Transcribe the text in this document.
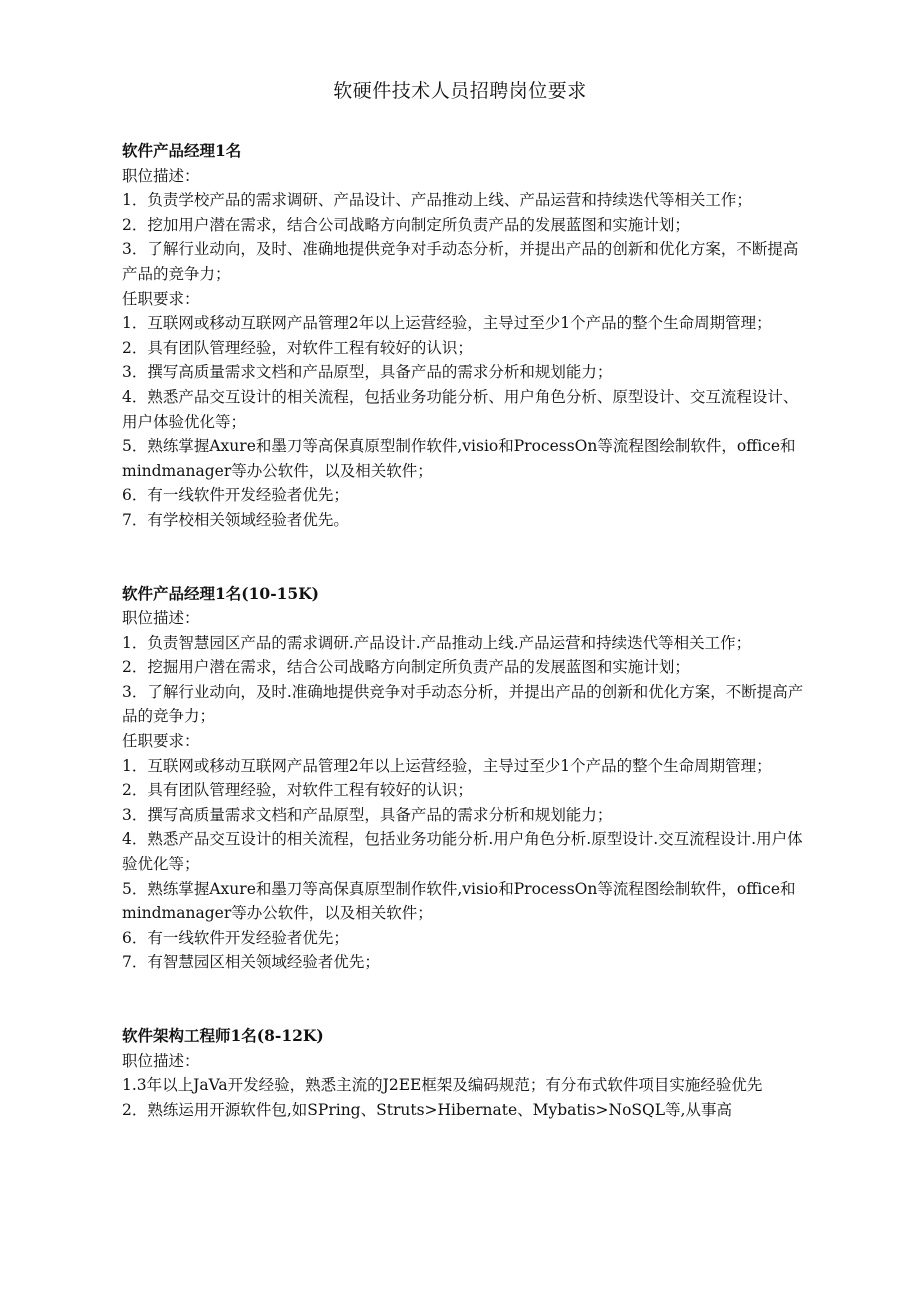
软硬件技术人员招聘岗位要求

软件产品经理1名

职位描述：

1．负责学校产品的需求调研、产品设计、产品推动上线、产品运营和持续迭代等相关工作；
2．挖加用户潜在需求，结合公司战略方向制定所负责产品的发展蓝图和实施计划；
3．了解行业动向，及时、准确地提供竞争对手动态分析，并提出产品的创新和优化方案，不断提高产品的竞争力；

任职要求：

1．互联网或移动互联网产品管理2年以上运营经验，主导过至少1个产品的整个生命周期管理；
2．具有团队管理经验，对软件工程有较好的认识；
3．撰写高质量需求文档和产品原型，具备产品的需求分析和规划能力；
4．熟悉产品交互设计的相关流程，包括业务功能分析、用户角色分析、原型设计、交互流程设计、用户体验优化等；
5．熟练掌握Axure和墨刀等高保真原型制作软件,visio和ProcessOn等流程图绘制软件，office和mindmanager等办公软件，以及相关软件；
6．有一线软件开发经验者优先；
7．有学校相关领域经验者优先。

软件产品经理1名(10-15K)

职位描述：

1．负责智慧园区产品的需求调研.产品设计.产品推动上线.产品运营和持续迭代等相关工作；
2．挖掘用户潜在需求，结合公司战略方向制定所负责产品的发展蓝图和实施计划；
3．了解行业动向，及时.准确地提供竞争对手动态分析，并提出产品的创新和优化方案，不断提高产品的竞争力；

任职要求：

1．互联网或移动互联网产品管理2年以上运营经验，主导过至少1个产品的整个生命周期管理；
2．具有团队管理经验，对软件工程有较好的认识；
3．撰写高质量需求文档和产品原型，具备产品的需求分析和规划能力；
4．熟悉产品交互设计的相关流程，包括业务功能分析.用户角色分析.原型设计.交互流程设计.用户体验优化等；
5．熟练掌握Axure和墨刀等高保真原型制作软件,visio和ProcessOn等流程图绘制软件，office和mindmanager等办公软件，以及相关软件；
6．有一线软件开发经验者优先；
7．有智慧园区相关领域经验者优先；

软件架构工程师1名(8-12K)

职位描述：

1.3年以上JaVa开发经验，熟悉主流的J2EE框架及编码规范；有分布式软件项目实施经验优先
2．熟练运用开源软件包,如SPring、Struts>Hibernate、Mybatis>NoSQL等,从事高
